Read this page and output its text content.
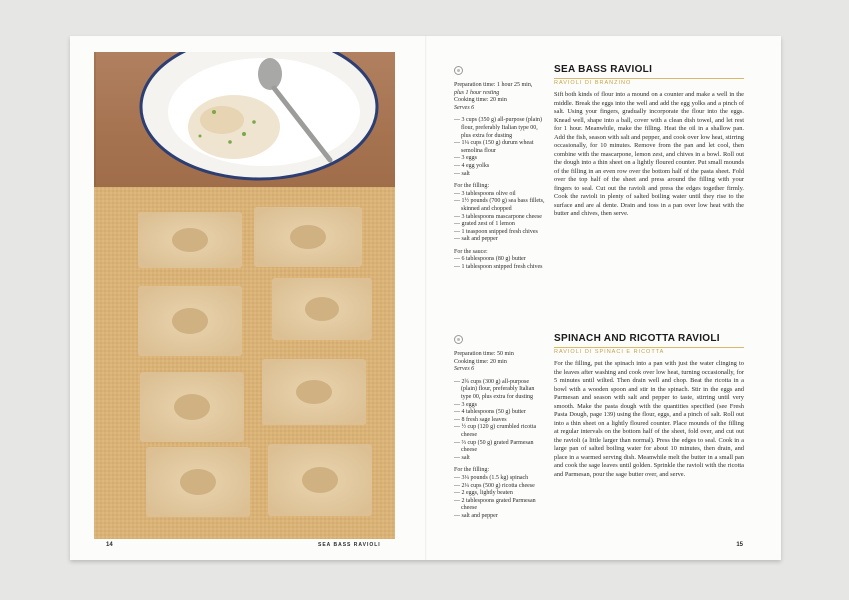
14	SEA BASS RAVIOLI	15
SEA BASS RAVIOLI
RAVIOLI DI BRANZINO
Preparation time: 1 hour 25 min,
plus 1 hour resting
Cooking time: 20 min
Serves 6
— 3 cups (350 g) all-purpose (plain) flour, preferably Italian type 00, plus extra for dusting
— 1¼ cups (150 g) durum wheat semolina flour
— 3 eggs
— 4 egg yolks
— salt
For the filling:
— 3 tablespoons olive oil
— 1½ pounds (700 g) sea bass fillets, skinned and chopped
— 3 tablespoons mascarpone cheese
— grated zest of 1 lemon
— 1 teaspoon snipped fresh chives
— salt and pepper
For the sauce:
— 6 tablespoons (80 g) butter
— 1 tablespoon snipped fresh chives
Sift both kinds of flour into a mound on a counter and make a well in the middle. Break the eggs into the well and add the egg yolks and a pinch of salt. Using your fingers, gradually incorporate the flour into the eggs. Knead well, shape into a ball, cover with a clean dish towel, and let rest for 1 hour. Meanwhile, make the filling. Heat the oil in a shallow pan. Add the fish, season with salt and pepper, and cook over low heat, stirring occasionally, for 10 minutes. Remove from the pan and let cool, then combine with the mascarpone, lemon zest, and chives in a bowl. Roll out the dough into a thin sheet on a lightly floured counter. Put small mounds of the filling in an even row over the bottom half of the pasta sheet. Fold over the top half of the sheet and press around the filling with your fingers to seal. Cut out the ravioli and press the edges together firmly. Cook the ravioli in plenty of salted boiling water until they rise to the surface and are al dente. Drain and toss in a pan over low heat with the butter and chives, then serve.
SPINACH AND RICOTTA RAVIOLI
RAVIOLI DI SPINACI E RICOTTA
Preparation time: 50 min
Cooking time: 20 min
Serves 6
— 2¾ cups (300 g) all-purpose (plain) flour, preferably Italian type 00, plus extra for dusting
— 3 eggs
— 4 tablespoons (50 g) butter
— 8 fresh sage leaves
— ½ cup (120 g) crumbled ricotta cheese
— ⅔ cup (50 g) grated Parmesan cheese
— salt
For the filling:
— 3¼ pounds (1.5 kg) spinach
— 2¼ cups (500 g) ricotta cheese
— 2 eggs, lightly beaten
— 2 tablespoons grated Parmesan cheese
— salt and pepper
For the filling, put the spinach into a pan with just the water clinging to the leaves after washing and cook over low heat, turning occasionally, for 5 minutes until wilted. Then drain well and chop. Beat the ricotta in a bowl with a wooden spoon and stir in the spinach. Stir in the eggs and Parmesan and season with salt and pepper to taste, stirring until very smooth. Make the pasta dough with the quantities specified (see Fresh Pasta Dough, page 139) using the flour, eggs, and a pinch of salt. Roll out into a thin sheet on a lightly floured counter. Place mounds of the filling at regular intervals on the bottom half of the sheet, fold over, and cut out the ravioli (a little larger than normal). Press the edges to seal. Cook in a large pan of salted boiling water for about 10 minutes, then drain, and place in a warmed serving dish. Meanwhile melt the butter in a small pan and cook the sage leaves until golden. Sprinkle the ravioli with the ricotta and Parmesan, pour the sage butter over, and serve.
